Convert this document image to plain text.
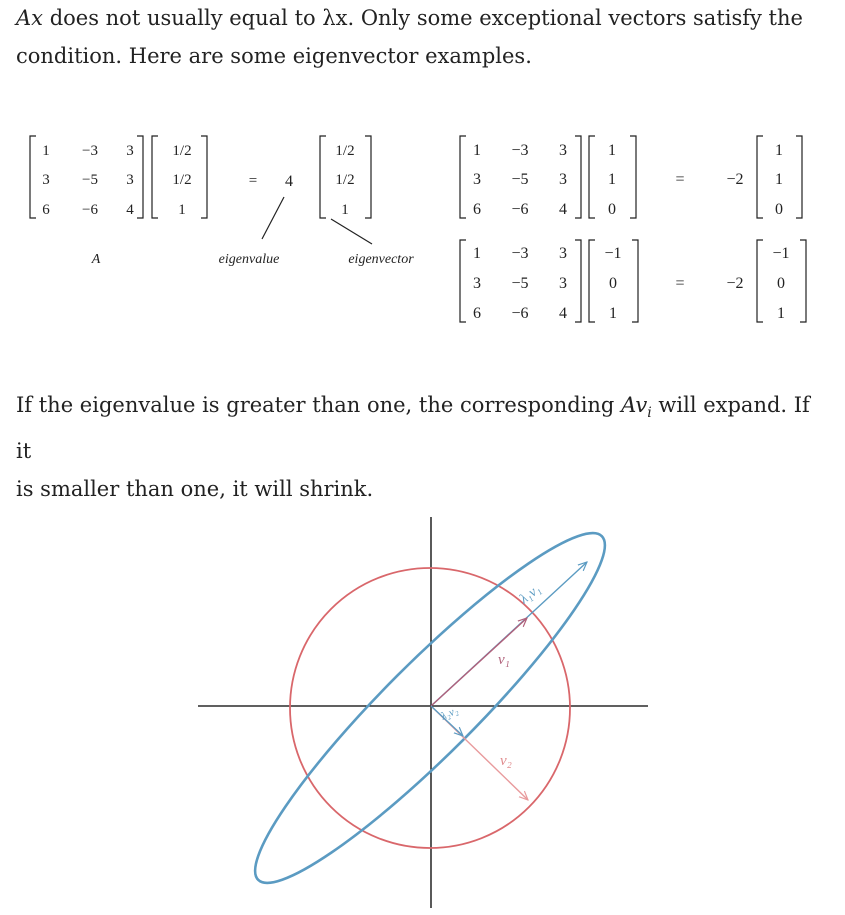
Ax does not usually equal to λx. Only some exceptional vectors satisfy the
condition. Here are some eigenvector examples.

1 −3 3
3 −5 3
6 −6 4
1/2
1/2
1
= 4
1/2
1/2
1
A	eigenvalue	eigenvector
1 −3 3
3 −5 3
6 −6 4
1
1
0
=	−2
1
1
0
1 −3 3
3 −5 3
6 −6 4
−1
0
1
=	−2
−1
0
1

If the eigenvalue is greater than one, the corresponding $Av_i$ will expand. If it
is smaller than one, it will shrink.

λ₁v₁
v₁
λ₂v₂
v₂
